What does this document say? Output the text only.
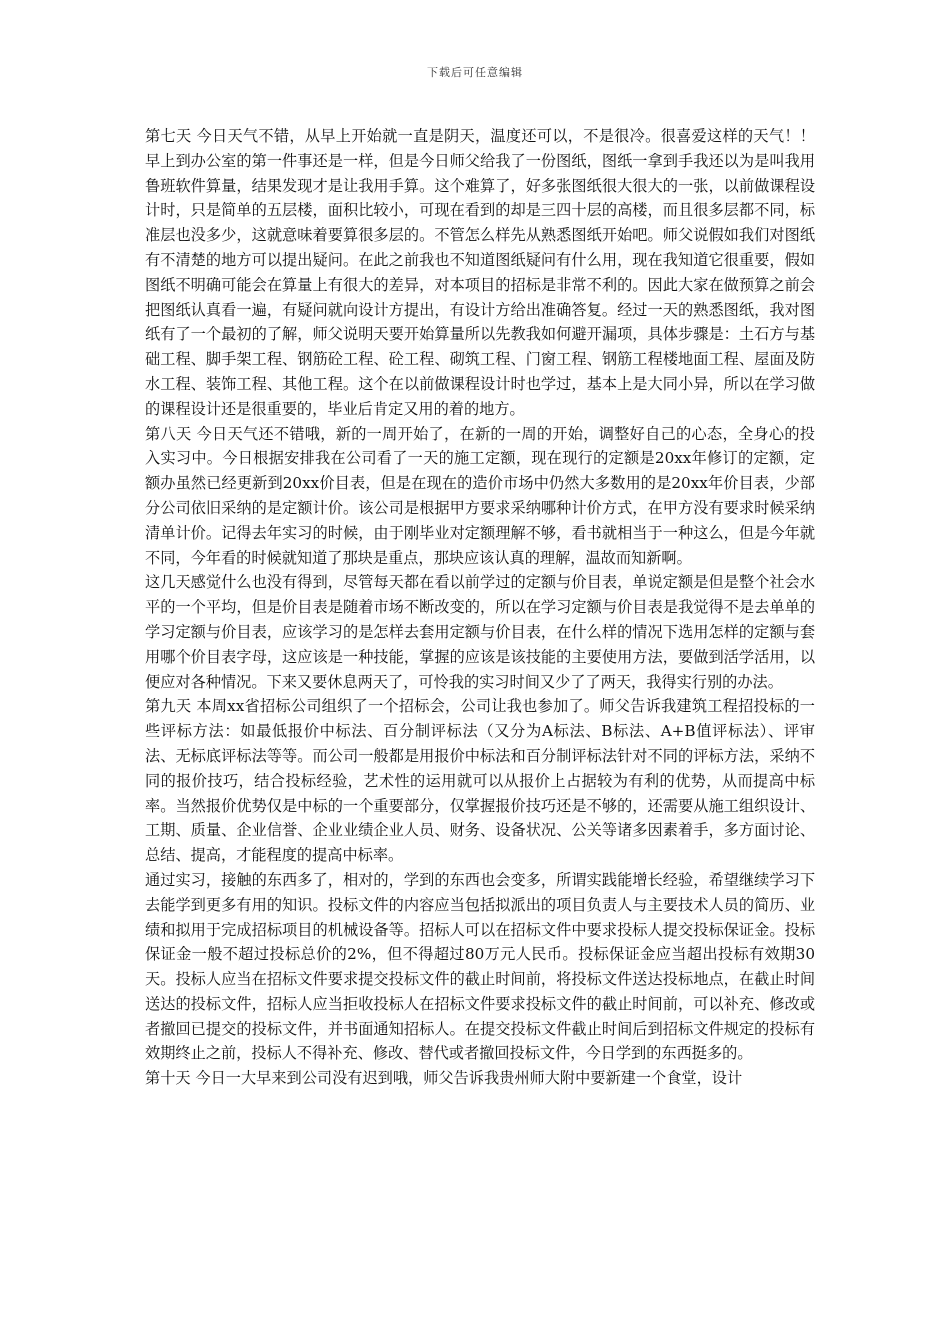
下载后可任意编辑

第七天 今日天气不错，从早上开始就一直是阴天，温度还可以，不是很冷。很喜爱这样的天气！！早上到办公室的第一件事还是一样，但是今日师父给我了一份图纸，图纸一拿到手我还以为是叫我用鲁班软件算量，结果发现才是让我用手算。这个难算了，好多张图纸很大很大的一张，以前做课程设计时，只是简单的五层楼，面积比较小，可现在看到的却是三四十层的高楼，而且很多层都不同，标准层也没多少，这就意味着要算很多层的。不管怎么样先从熟悉图纸开始吧。师父说假如我们对图纸有不清楚的地方可以提出疑问。在此之前我也不知道图纸疑问有什么用，现在我知道它很重要，假如图纸不明确可能会在算量上有很大的差异，对本项目的招标是非常不利的。因此大家在做预算之前会把图纸认真看一遍，有疑问就向设计方提出，有设计方给出准确答复。经过一天的熟悉图纸，我对图纸有了一个最初的了解，师父说明天要开始算量所以先教我如何避开漏项，具体步骤是：土石方与基础工程、脚手架工程、钢筋砼工程、砼工程、砌筑工程、门窗工程、钢筋工程楼地面工程、屋面及防水工程、装饰工程、其他工程。这个在以前做课程设计时也学过，基本上是大同小异，所以在学习做的课程设计还是很重要的，毕业后肯定又用的着的地方。

第八天 今日天气还不错哦，新的一周开始了，在新的一周的开始，调整好自己的心态，全身心的投入实习中。今日根据安排我在公司看了一天的施工定额，现在现行的定额是20xx年修订的定额，定额办虽然已经更新到20xx价目表，但是在现在的造价市场中仍然大多数用的是20xx年价目表，少部分公司依旧采纳的是定额计价。该公司是根据甲方要求采纳哪种计价方式，在甲方没有要求时候采纳清单计价。记得去年实习的时候，由于刚毕业对定额理解不够，看书就相当于一种这么，但是今年就不同，今年看的时候就知道了那块是重点，那块应该认真的理解，温故而知新啊。

这几天感觉什么也没有得到，尽管每天都在看以前学过的定额与价目表，单说定额是但是整个社会水平的一个平均，但是价目表是随着市场不断改变的，所以在学习定额与价目表是我觉得不是去单单的学习定额与价目表，应该学习的是怎样去套用定额与价目表，在什么样的情况下选用怎样的定额与套用哪个价目表字母，这应该是一种技能，掌握的应该是该技能的主要使用方法，要做到活学活用，以便应对各种情况。下来又要休息两天了，可怜我的实习时间又少了了两天，我得实行别的办法。

第九天 本周xx省招标公司组织了一个招标会，公司让我也参加了。师父告诉我建筑工程招投标的一些评标方法：如最低报价中标法、百分制评标法（又分为A标法、B标法、A+B值评标法）、评审法、无标底评标法等等。而公司一般都是用报价中标法和百分制评标法针对不同的评标方法，采纳不同的报价技巧，结合投标经验，艺术性的运用就可以从报价上占据较为有利的优势，从而提高中标率。当然报价优势仅是中标的一个重要部分，仅掌握报价技巧还是不够的，还需要从施工组织设计、工期、质量、企业信誉、企业业绩企业人员、财务、设备状况、公关等诸多因素着手，多方面讨论、总结、提高，才能程度的提高中标率。

通过实习，接触的东西多了，相对的，学到的东西也会变多，所谓实践能增长经验，希望继续学习下去能学到更多有用的知识。投标文件的内容应当包括拟派出的项目负责人与主要技术人员的简历、业绩和拟用于完成招标项目的机械设备等。招标人可以在招标文件中要求投标人提交投标保证金。投标保证金一般不超过投标总价的2%，但不得超过80万元人民币。投标保证金应当超出投标有效期30天。投标人应当在招标文件要求提交投标文件的截止时间前，将投标文件送达投标地点，在截止时间送达的投标文件，招标人应当拒收投标人在招标文件要求投标文件的截止时间前，可以补充、修改或者撤回已提交的投标文件，并书面通知招标人。在提交投标文件截止时间后到招标文件规定的投标有效期终止之前，投标人不得补充、修改、替代或者撤回投标文件，今日学到的东西挺多的。

第十天 今日一大早来到公司没有迟到哦，师父告诉我贵州师大附中要新建一个食堂，设计
